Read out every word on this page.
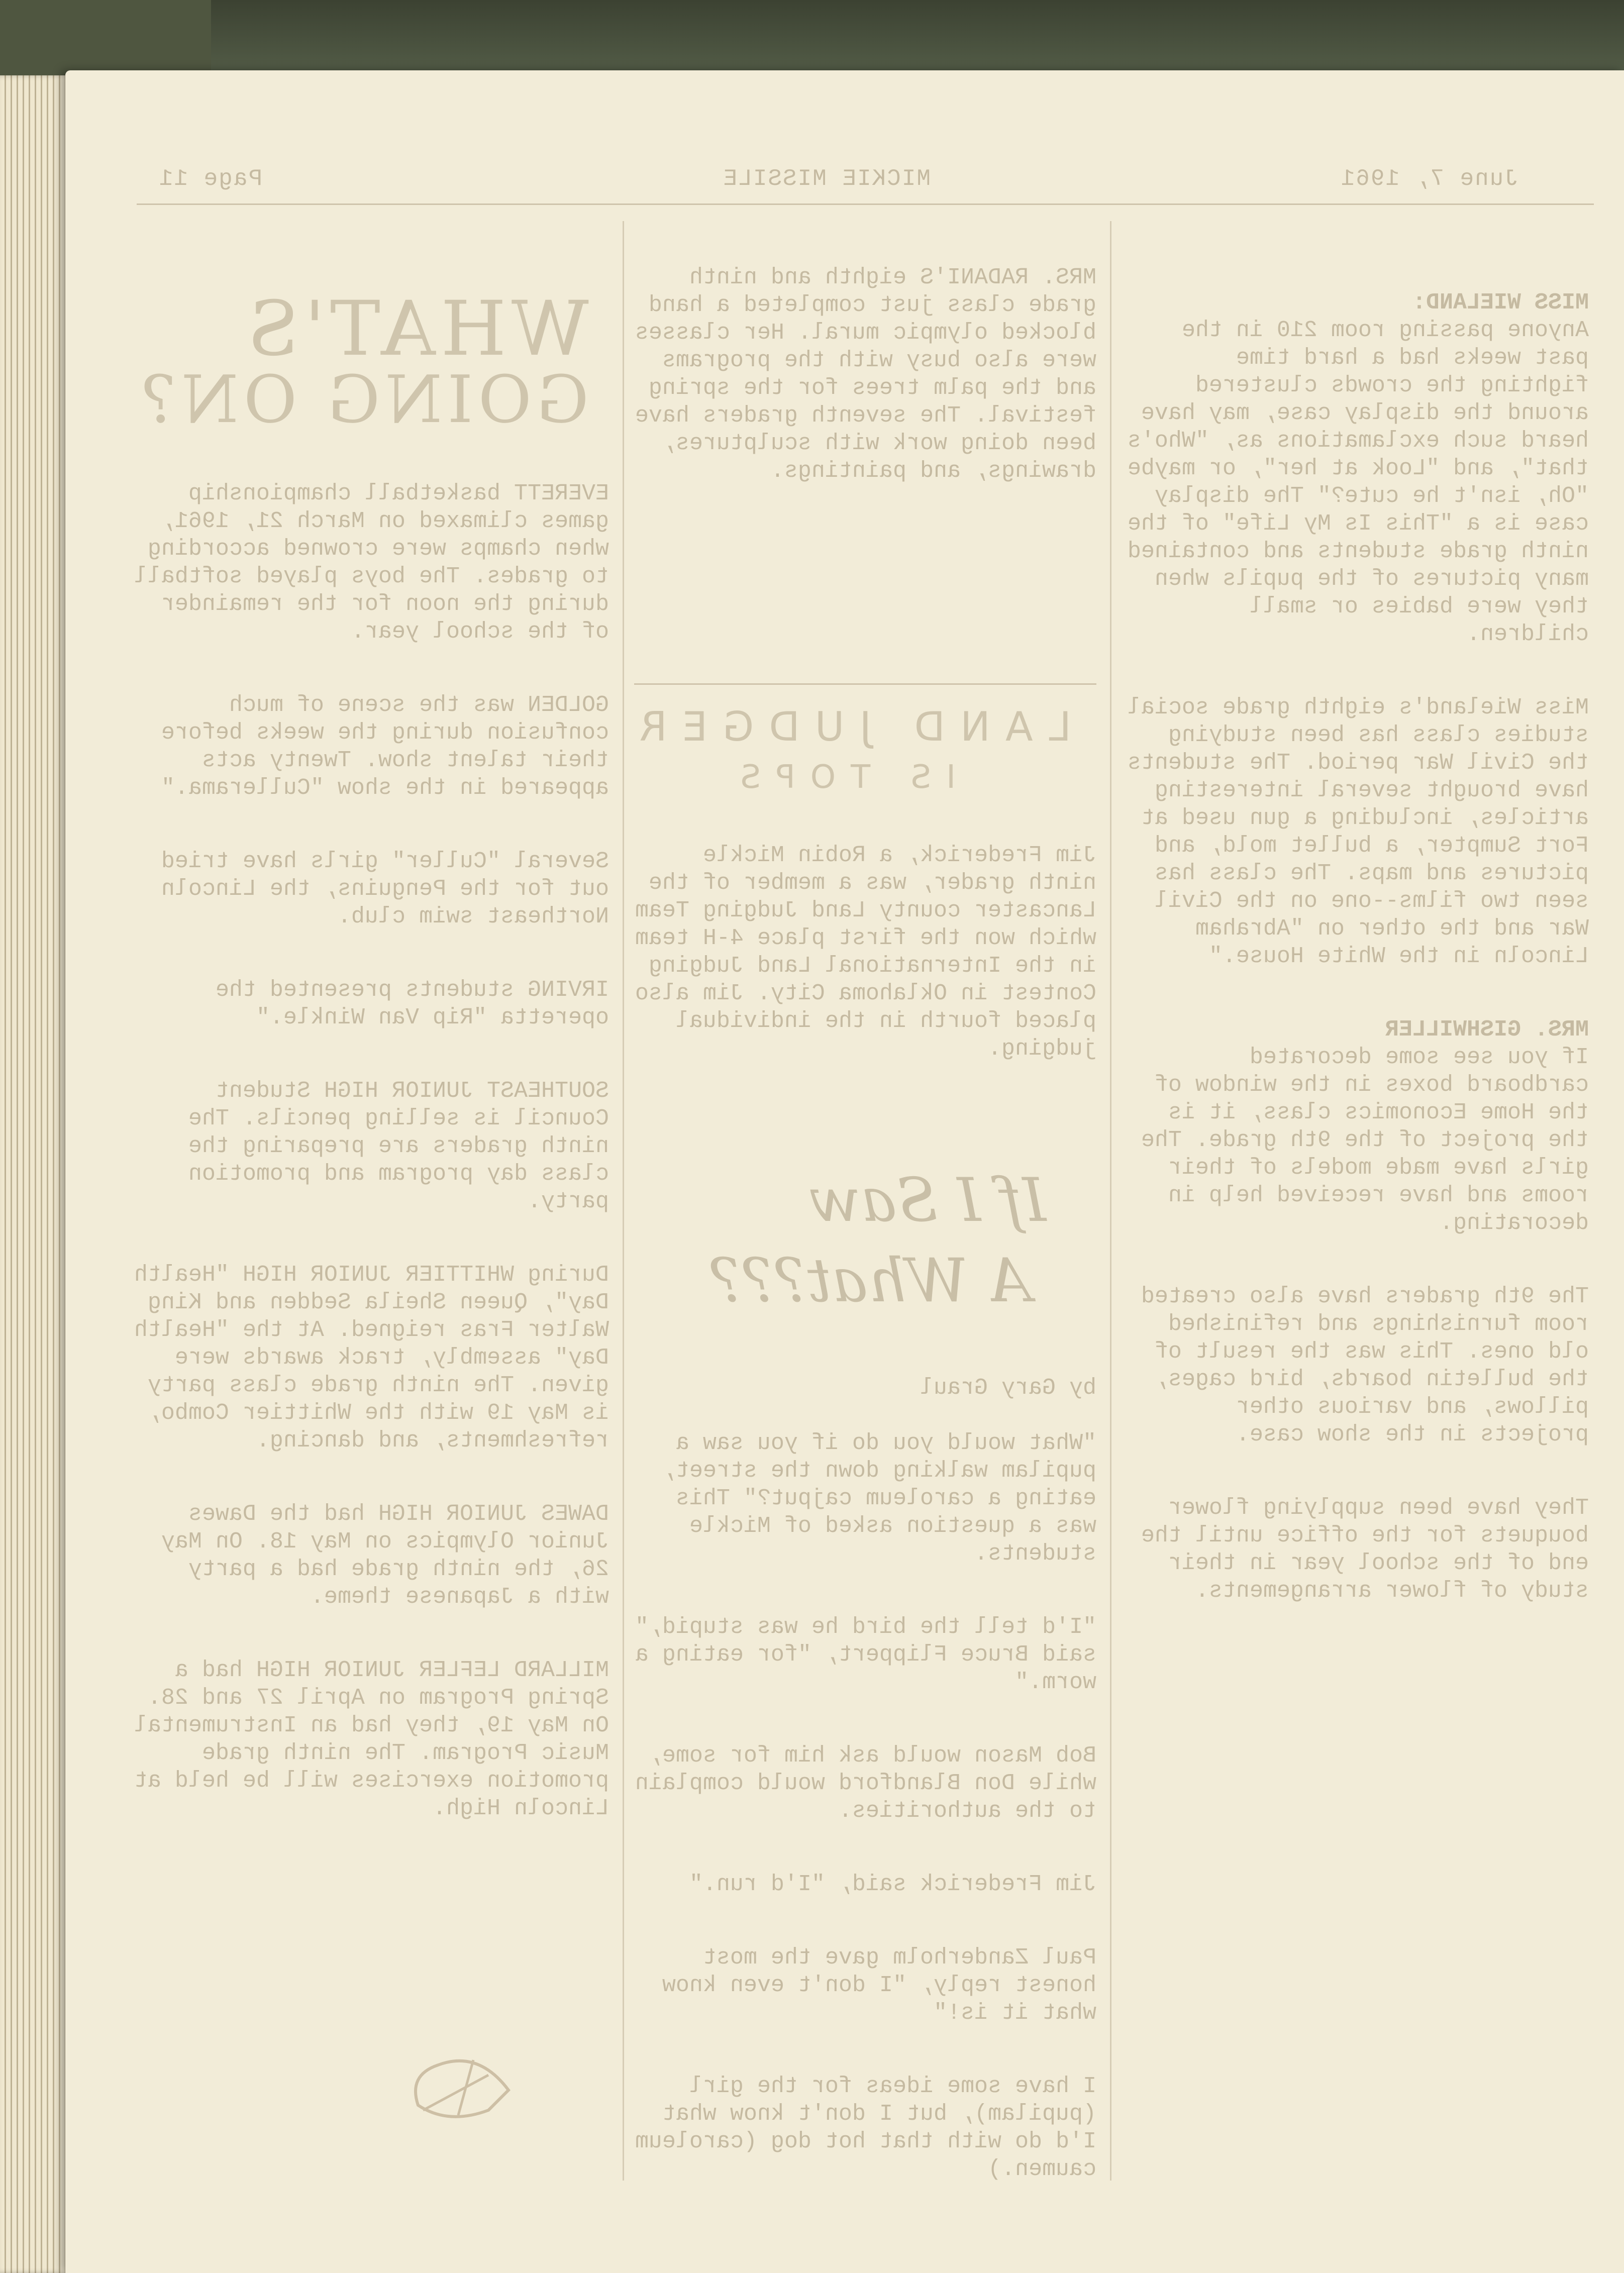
June 7, 1961
MICKIE MISSILE
Page 11

MISS WIELAND:
Anyone passing room 210 in the past weeks had a hard time fighting the crowds clustered around the display case, may have heard such exclamations as, "Who's that", and "Look at her", or maybe "Oh, isn't he cute?" The display case is a "This Is My Life" of the ninth grade students and contained many pictures of the pupils when they were babies or small children.

Miss Wieland's eighth grade social studies class has been studying the Civil War period. The students have brought several interesting articles, including a gun used at Fort Sumpter, a bullet mold, and pictures and maps. The class has seen two films--one on the Civil War and the other on "Abraham Lincoln in the White House."

MRS. GISHWILLER
If you see some decorated cardboard boxes in the window of the Home Economics class, it is the project of the 9th grade. The girls have made models of their rooms and have received help in decorating.

The 9th graders have also created room furnishings and refinished old ones. This was the result of the bulletin boards, bird cages, pillows, and various other projects in the show case.

They have been supplying flower bouquets for the office until the end of the school year in their study of flower arrangements.

MRS. RADANI'S eighth and ninth grade class just completed a hand blocked olympic mural. Her classes were also busy with the programs and the palm trees for the spring festival. The seventh graders have been doing work with sculptures, drawings, and paintings.

LAND JUDGER
IS TOPS

Jim Frederick, a Robin Mickle ninth grader, was a member of the Lancaster county Land Judging Team which won the first place 4-H team in the International Land Judging Contest in Oklahoma City. Jim also placed fourth in the individual judging.

If I Saw
A What???

by Gary Graul

"What would you do if you saw a pupilam walking down the street, eating a caroleum cajput?" This was a question asked of Mickle students.

"I'd tell the bird he was stupid," said Bruce Flippert, "for eating a worm."

Bob Mason would ask him for some, while Don Blandford would complain to the authorities.

Jim Frederick said, "I'd run."

Paul Zanderholm gave the most honest reply, "I don't even know what it is!"

I have some ideas for the girl (pupilam), but I don't know what I'd do with that hot dog (caroleum caumen.)

WHAT'S
GOING ON?

EVERETT basketball championship games climaxed on March 21, 1961, when champs were crowned according to grades. The boys played softball during the noon for the remainder of the school year.

GOLDEN was the scene of much confusion during the weeks before their talent show. Twenty acts appeared in the show "Cullerama."

Several "Culler" girls have tried out for the Penguins, the Lincoln Northeast swim club.

IRVING students presented the operetta "Rip Van Winkle."

SOUTHEAST JUNIOR HIGH Student Council is selling pencils. The ninth graders are preparing the class day program and promotion party.

During WHITTIER JUNIOR HIGH "Health Day", Queen Sheila Sedden and King Walter Fras reigned. At the "Health Day" assembly, track awards were given. The ninth grade class party is May 19 with the Whittier Combo, refreshments, and dancing.

DAWES JUNIOR HIGH had the Dawes Junior Olympics on May 18. On May 26, the ninth grade had a party with a Japanese theme.

MILLARD LEFLER JUNIOR HIGH had a Spring Program on April 27 and 28. On May 19, they had an Instrumental Music Program. The ninth grade promotion exercises will be held at Lincoln High.
